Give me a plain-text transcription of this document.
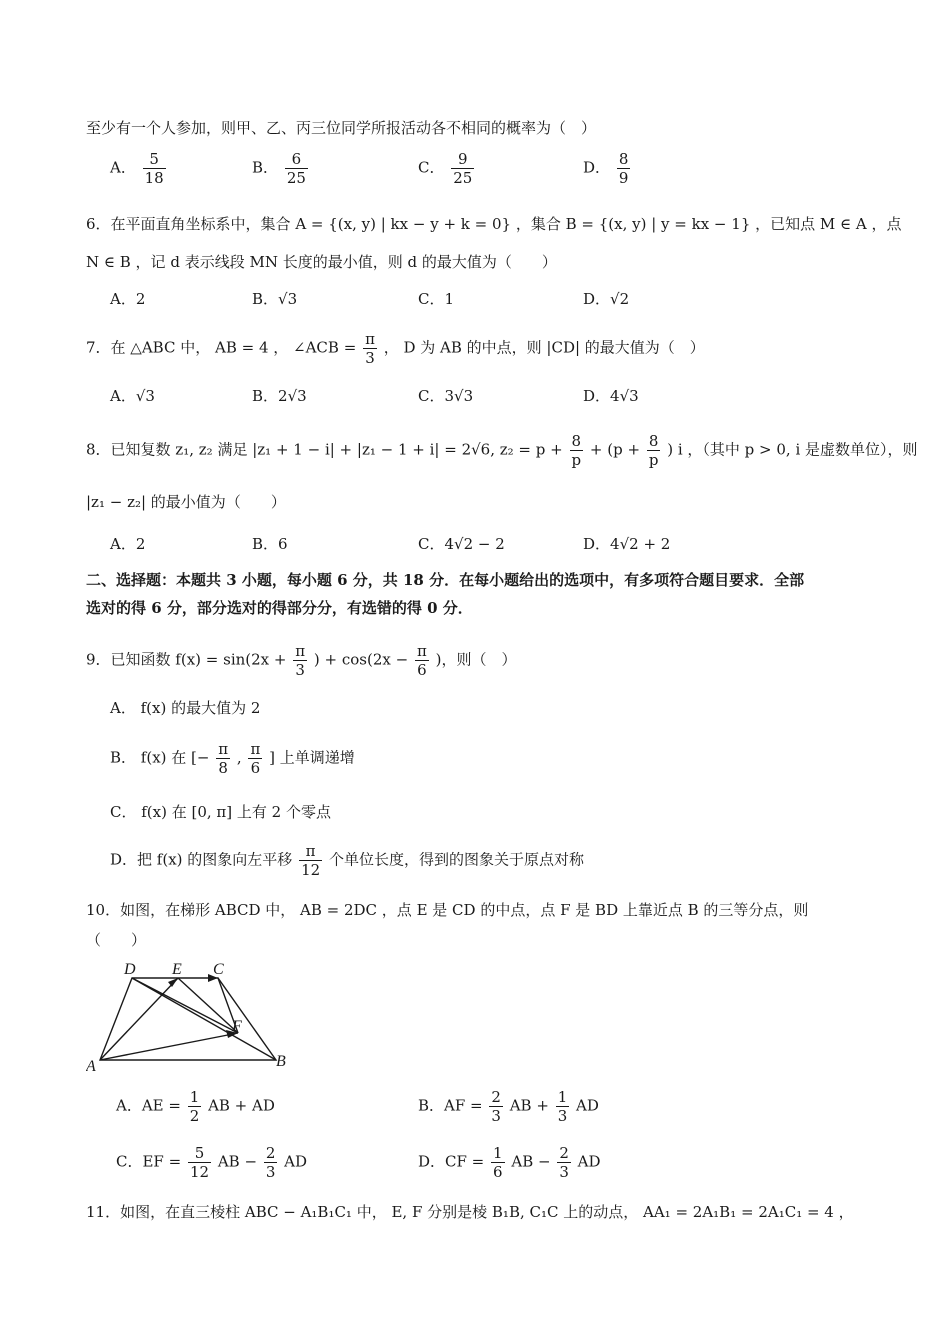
至少有一个人参加，则甲、乙、丙三位同学所报活动各不相同的概率为（　）
A． $\frac{5}{18}$	B． $\frac{6}{25}$	C． $\frac{9}{25}$	D． $\frac{8}{9}$
6．在平面直角坐标系中，集合 A = {(x, y) | kx − y + k = 0} ，集合 B = {(x, y) | y = kx − 1} ，已知点 M ∈ A ，点
N ∈ B ，记 d 表示线段 MN 长度的最小值，则 d 的最大值为（　　）
A．2	B．√3	C．1	D．√2
7．在 △ABC 中， AB = 4 ， ∠ACB = $\frac{\pi}{3}$ ， D 为 AB 的中点，则 |CD| 的最大值为（　）
A．√3	B．2√3	C．3√3	D．4√3
8．已知复数 z₁, z₂ 满足 |z₁ + 1 − i| + |z₁ − 1 + i| = 2√6, $z_2 = p + \frac{8}{p} + (p + \frac{8}{p}$ ) i ，（其中 p > 0, i 是虚数单位），则
|z₁ − z₂| 的最小值为（　　）
A．2	B．6	C．4√2 − 2	D．4√2 + 2
二、选择题：本题共 3 小题，每小题 6 分，共 18 分．在每小题给出的选项中，有多项符合题目要求．全部
选对的得 6 分，部分选对的得部分分，有选错的得 0 分．
9．已知函数 $f(x) = \sin(2x + \frac{\pi}{3}$ ) + $\cos(2x - \frac{\pi}{6}$ )，则（　）
A． f(x) 的最大值为 2
B． f(x) 在 [− $\frac{\pi}{8}$ , $\frac{\pi}{6}$ ] 上单调递增
C． f(x) 在 [0, π] 上有 2 个零点
D．把 f(x) 的图象向左平移 $\frac{\pi}{12}$ 个单位长度，得到的图象关于原点对称
10．如图，在梯形 ABCD 中， AB = 2DC ，点 E 是 CD 的中点，点 F 是 BD 上靠近点 B 的三等分点，则
（　　）
D E C
F
A	B
A．AE = $\frac{1}{2}$ AB + AD	B．AF = $\frac{2}{3}$ AB + $\frac{1}{3}$ AD
C．EF = $\frac{5}{12}$ AB − $\frac{2}{3}$ AD	D．CF = $\frac{1}{6}$ AB − $\frac{2}{3}$ AD
11．如图，在直三棱柱 ABC − A₁B₁C₁ 中， E, F 分别是棱 B₁B, C₁C 上的动点， AA₁ = 2A₁B₁ = 2A₁C₁ = 4 ，
